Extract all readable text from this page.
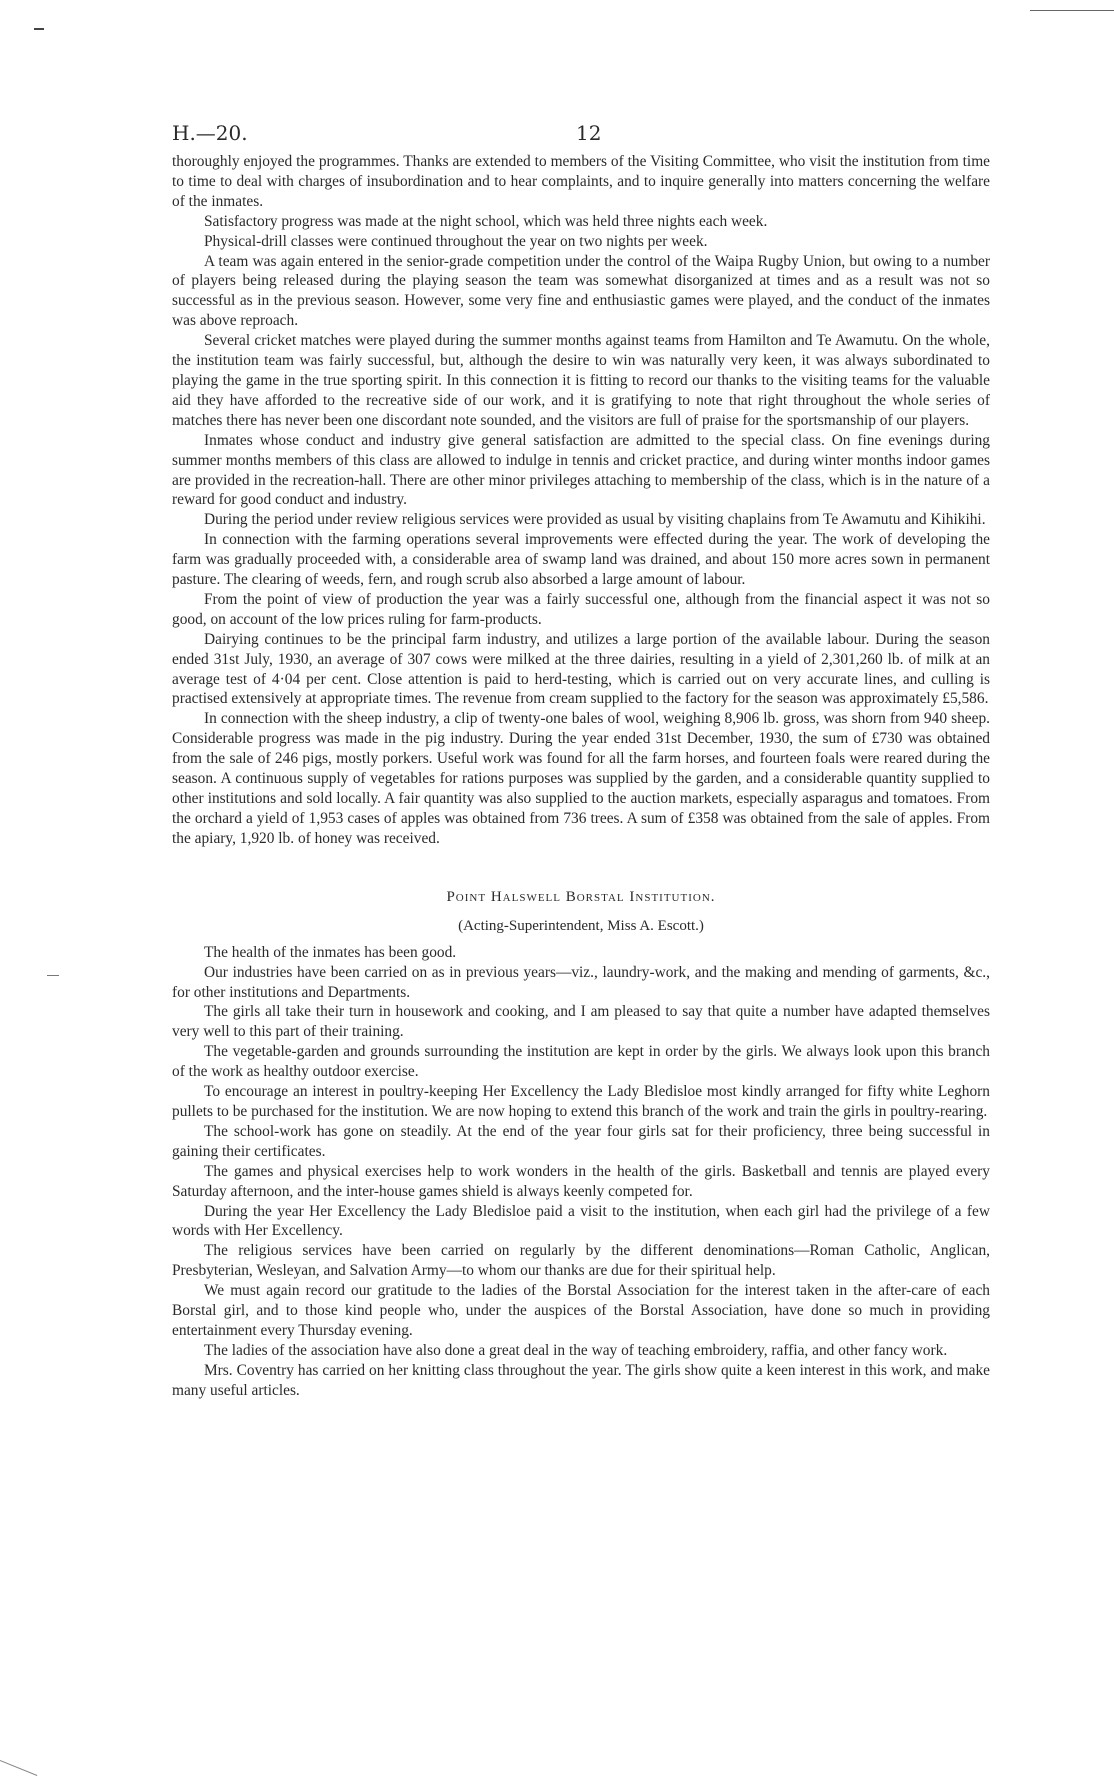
H.—20.	12

thoroughly enjoyed the programmes. Thanks are extended to members of the Visiting Committee, who visit the institution from time to time to deal with charges of insubordination and to hear complaints, and to inquire generally into matters concerning the welfare of the inmates.

Satisfactory progress was made at the night school, which was held three nights each week.

Physical-drill classes were continued throughout the year on two nights per week.

A team was again entered in the senior-grade competition under the control of the Waipa Rugby Union, but owing to a number of players being released during the playing season the team was somewhat disorganized at times and as a result was not so successful as in the previous season. However, some very fine and enthusiastic games were played, and the conduct of the inmates was above reproach.

Several cricket matches were played during the summer months against teams from Hamilton and Te Awamutu. On the whole, the institution team was fairly successful, but, although the desire to win was naturally very keen, it was always subordinated to playing the game in the true sporting spirit. In this connection it is fitting to record our thanks to the visiting teams for the valuable aid they have afforded to the recreative side of our work, and it is gratifying to note that right throughout the whole series of matches there has never been one discordant note sounded, and the visitors are full of praise for the sportsmanship of our players.

Inmates whose conduct and industry give general satisfaction are admitted to the special class. On fine evenings during summer months members of this class are allowed to indulge in tennis and cricket practice, and during winter months indoor games are provided in the recreation-hall. There are other minor privileges attaching to membership of the class, which is in the nature of a reward for good conduct and industry.

During the period under review religious services were provided as usual by visiting chaplains from Te Awamutu and Kihikihi.

In connection with the farming operations several improvements were effected during the year. The work of developing the farm was gradually proceeded with, a considerable area of swamp land was drained, and about 150 more acres sown in permanent pasture. The clearing of weeds, fern, and rough scrub also absorbed a large amount of labour.

From the point of view of production the year was a fairly successful one, although from the financial aspect it was not so good, on account of the low prices ruling for farm-products.

Dairying continues to be the principal farm industry, and utilizes a large portion of the available labour. During the season ended 31st July, 1930, an average of 307 cows were milked at the three dairies, resulting in a yield of 2,301,260 lb. of milk at an average test of 4·04 per cent. Close attention is paid to herd-testing, which is carried out on very accurate lines, and culling is practised extensively at appropriate times. The revenue from cream supplied to the factory for the season was approximately £5,586.

In connection with the sheep industry, a clip of twenty-one bales of wool, weighing 8,906 lb. gross, was shorn from 940 sheep. Considerable progress was made in the pig industry. During the year ended 31st December, 1930, the sum of £730 was obtained from the sale of 246 pigs, mostly porkers. Useful work was found for all the farm horses, and fourteen foals were reared during the season. A continuous supply of vegetables for rations purposes was supplied by the garden, and a considerable quantity supplied to other institutions and sold locally. A fair quantity was also supplied to the auction markets, especially asparagus and tomatoes. From the orchard a yield of 1,953 cases of apples was obtained from 736 trees. A sum of £358 was obtained from the sale of apples. From the apiary, 1,920 lb. of honey was received.

Point Halswell Borstal Institution.
(Acting-Superintendent, Miss A. Escott.)

The health of the inmates has been good.

Our industries have been carried on as in previous years—viz., laundry-work, and the making and mending of garments, &c., for other institutions and Departments.

The girls all take their turn in housework and cooking, and I am pleased to say that quite a number have adapted themselves very well to this part of their training.

The vegetable-garden and grounds surrounding the institution are kept in order by the girls. We always look upon this branch of the work as healthy outdoor exercise.

To encourage an interest in poultry-keeping Her Excellency the Lady Bledisloe most kindly arranged for fifty white Leghorn pullets to be purchased for the institution. We are now hoping to extend this branch of the work and train the girls in poultry-rearing.

The school-work has gone on steadily. At the end of the year four girls sat for their proficiency, three being successful in gaining their certificates.

The games and physical exercises help to work wonders in the health of the girls. Basketball and tennis are played every Saturday afternoon, and the inter-house games shield is always keenly competed for.

During the year Her Excellency the Lady Bledisloe paid a visit to the institution, when each girl had the privilege of a few words with Her Excellency.

The religious services have been carried on regularly by the different denominations—Roman Catholic, Anglican, Presbyterian, Wesleyan, and Salvation Army—to whom our thanks are due for their spiritual help.

We must again record our gratitude to the ladies of the Borstal Association for the interest taken in the after-care of each Borstal girl, and to those kind people who, under the auspices of the Borstal Association, have done so much in providing entertainment every Thursday evening.

The ladies of the association have also done a great deal in the way of teaching embroidery, raffia, and other fancy work.

Mrs. Coventry has carried on her knitting class throughout the year. The girls show quite a keen interest in this work, and make many useful articles.
